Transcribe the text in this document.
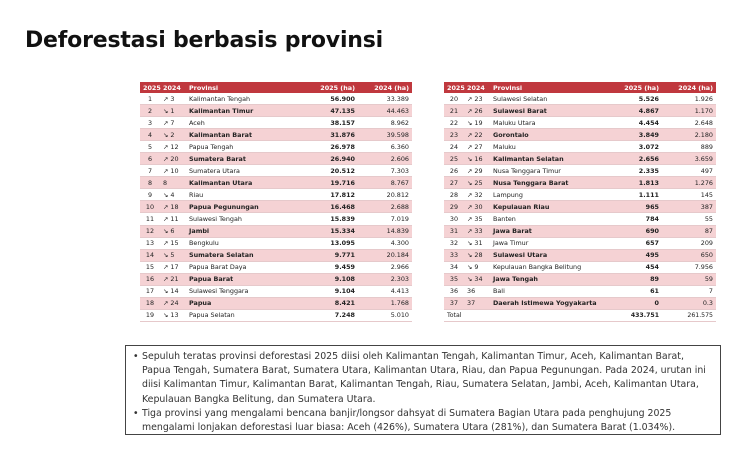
Deforestasi berbasis provinsi
2025	2024	Provinsi	2025 (ha)	2024 (ha)
1	↗ 3	Kalimantan Tengah	56.900	33.389
2	↘ 1	Kalimantan Timur	47.135	44.463
3	↗ 7	Aceh	38.157	8.962
4	↘ 2	Kalimantan Barat	31.876	39.598
5	↗ 12	Papua Tengah	26.978	6.360
6	↗ 20	Sumatera Barat	26.940	2.606
7	↗ 10	Sumatera Utara	20.512	7.303
8	8	Kalimantan Utara	19.716	8.767
9	↘ 4	Riau	17.812	20.812
10	↗ 18	Papua Pegunungan	16.468	2.688
11	↗ 11	Sulawesi Tengah	15.839	7.019
12	↘ 6	Jambi	15.334	14.839
13	↗ 15	Bengkulu	13.095	4.300
14	↘ 5	Sumatera Selatan	9.771	20.184
15	↗ 17	Papua Barat Daya	9.459	2.966
16	↗ 21	Papua Barat	9.108	2.303
17	↘ 14	Sulawesi Tenggara	9.104	4.413
18	↗ 24	Papua	8.421	1.768
19	↘ 13	Papua Selatan	7.248	5.010
2025	2024	Provinsi	2025 (ha)	2024 (ha)
20	↗ 23	Sulawesi Selatan	5.526	1.926
21	↗ 26	Sulawesi Barat	4.867	1.170
22	↘ 19	Maluku Utara	4.454	2.648
23	↗ 22	Gorontalo	3.849	2.180
24	↗ 27	Maluku	3.072	889
25	↘ 16	Kalimantan Selatan	2.656	3.659
26	↗ 29	Nusa Tenggara Timur	2.335	497
27	↘ 25	Nusa Tenggara Barat	1.813	1.276
28	↗ 32	Lampung	1.111	145
29	↗ 30	Kepulauan Riau	965	387
30	↗ 35	Banten	784	55
31	↗ 33	Jawa Barat	690	87
32	↘ 31	Jawa Timur	657	209
33	↘ 28	Sulawesi Utara	495	650
34	↘ 9	Kepulauan Bangka Belitung	454	7.956
35	↘ 34	Jawa Tengah	89	59
36	36	Bali	61	7
37	37	Daerah Istimewa Yogyakarta	0	0.3
Total			433.751	261.575
• Sepuluh teratas provinsi deforestasi 2025 diisi oleh Kalimantan Tengah, Kalimantan Timur, Aceh, Kalimantan Barat, Papua Tengah, Sumatera Barat, Sumatera Utara, Kalimantan Utara, Riau, dan Papua Pegunungan. Pada 2024, urutan ini diisi Kalimantan Timur, Kalimantan Barat, Kalimantan Tengah, Riau, Sumatera Selatan, Jambi, Aceh, Kalimantan Utara, Kepulauan Bangka Belitung, dan Sumatera Utara.
• Tiga provinsi yang mengalami bencana banjir/longsor dahsyat di Sumatera Bagian Utara pada penghujung 2025 mengalami lonjakan deforestasi luar biasa: Aceh (426%), Sumatera Utara (281%), dan Sumatera Barat (1.034%).
